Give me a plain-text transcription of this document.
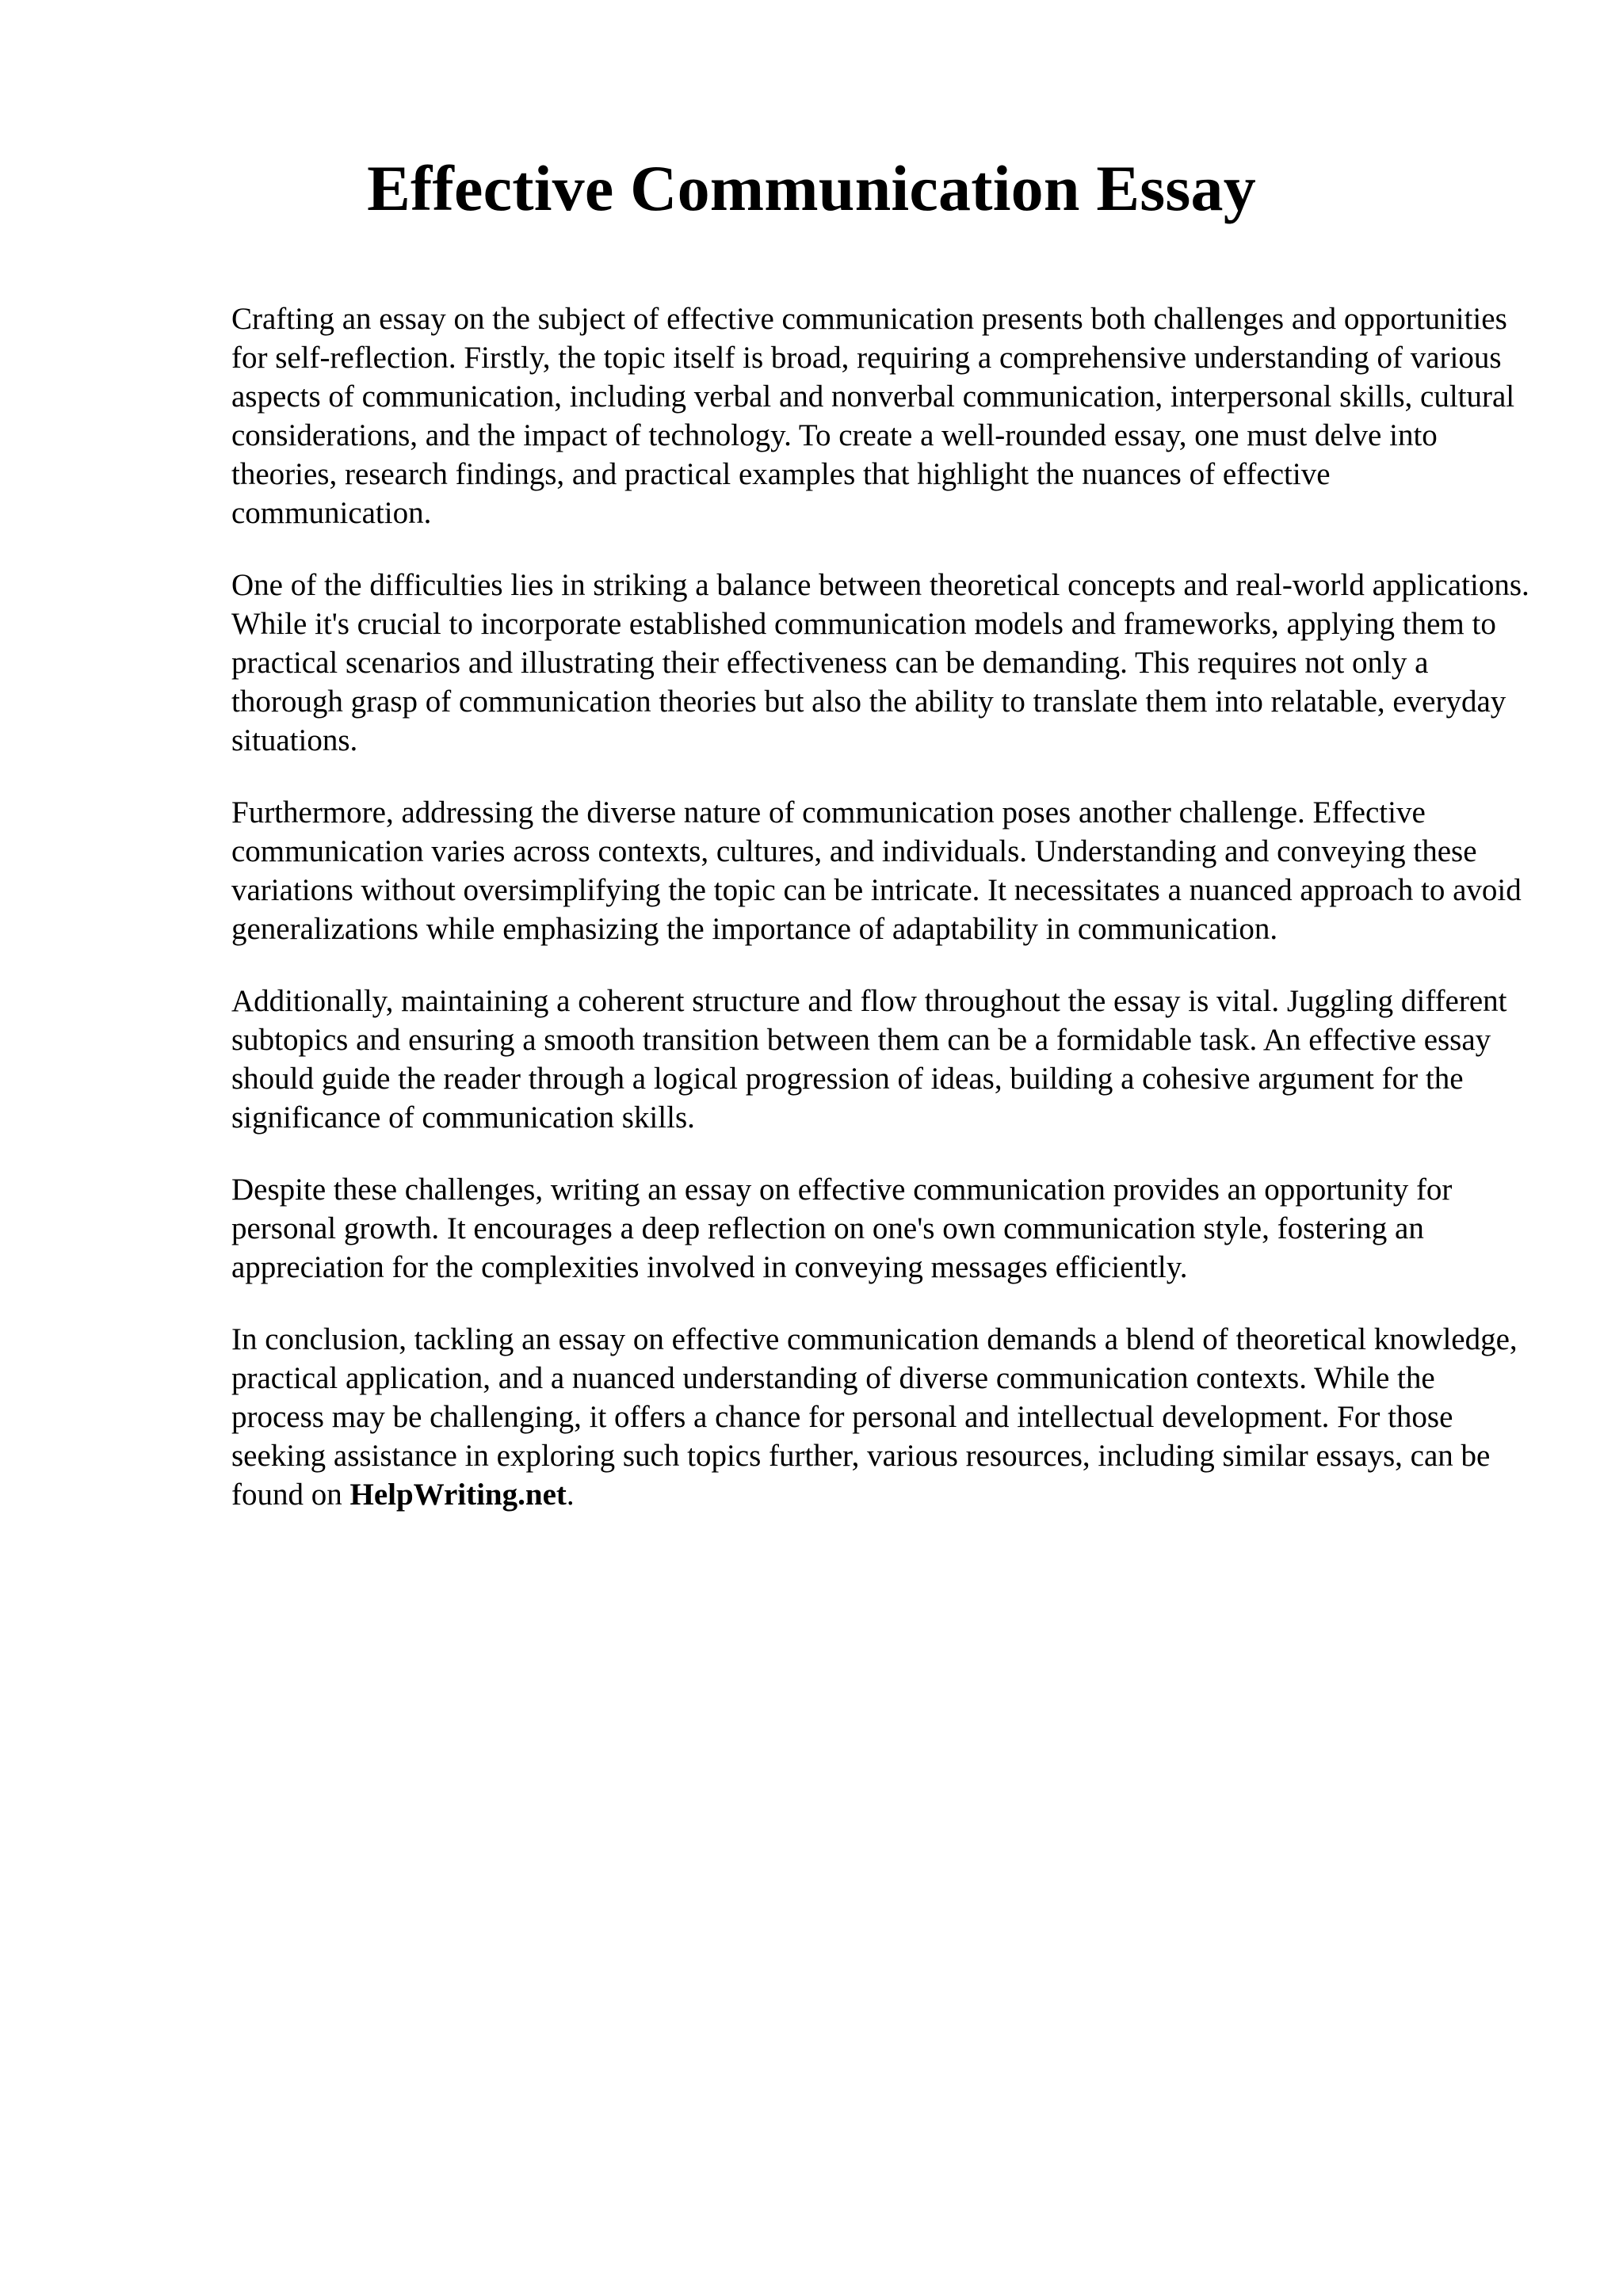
Effective Communication Essay

Crafting an essay on the subject of effective communication presents both challenges and opportunities for self-reflection. Firstly, the topic itself is broad, requiring a comprehensive understanding of various aspects of communication, including verbal and nonverbal communication, interpersonal skills, cultural considerations, and the impact of technology. To create a well-rounded essay, one must delve into theories, research findings, and practical examples that highlight the nuances of effective communication.

One of the difficulties lies in striking a balance between theoretical concepts and real-world applications. While it's crucial to incorporate established communication models and frameworks, applying them to practical scenarios and illustrating their effectiveness can be demanding. This requires not only a thorough grasp of communication theories but also the ability to translate them into relatable, everyday situations.

Furthermore, addressing the diverse nature of communication poses another challenge. Effective communication varies across contexts, cultures, and individuals. Understanding and conveying these variations without oversimplifying the topic can be intricate. It necessitates a nuanced approach to avoid generalizations while emphasizing the importance of adaptability in communication.

Additionally, maintaining a coherent structure and flow throughout the essay is vital. Juggling different subtopics and ensuring a smooth transition between them can be a formidable task. An effective essay should guide the reader through a logical progression of ideas, building a cohesive argument for the significance of communication skills.

Despite these challenges, writing an essay on effective communication provides an opportunity for personal growth. It encourages a deep reflection on one's own communication style, fostering an appreciation for the complexities involved in conveying messages efficiently.

In conclusion, tackling an essay on effective communication demands a blend of theoretical knowledge, practical application, and a nuanced understanding of diverse communication contexts. While the process may be challenging, it offers a chance for personal and intellectual development. For those seeking assistance in exploring such topics further, various resources, including similar essays, can be found on HelpWriting.net.
